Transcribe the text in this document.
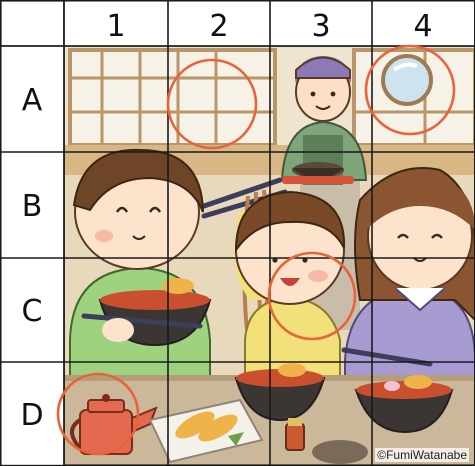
1	2	3	4
A
B
C
D
©FumiWatanabe
